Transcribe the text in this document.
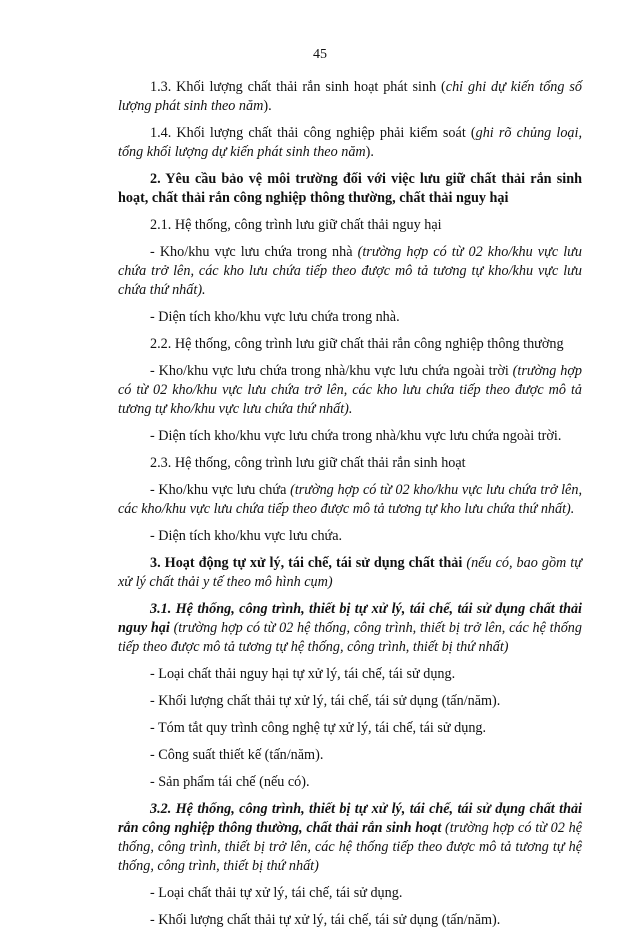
45

1.3. Khối lượng chất thải rắn sinh hoạt phát sinh (chỉ ghi dự kiến tổng số lượng phát sinh theo năm).

1.4. Khối lượng chất thải công nghiệp phải kiểm soát (ghi rõ chủng loại, tổng khối lượng dự kiến phát sinh theo năm).

2. Yêu cầu bảo vệ môi trường đối với việc lưu giữ chất thải rắn sinh hoạt, chất thải rắn công nghiệp thông thường, chất thải nguy hại

2.1. Hệ thống, công trình lưu giữ chất thải nguy hại

- Kho/khu vực lưu chứa trong nhà (trường hợp có từ 02 kho/khu vực lưu chứa trở lên, các kho lưu chứa tiếp theo được mô tả tương tự kho/khu vực lưu chứa thứ nhất).

- Diện tích kho/khu vực lưu chứa trong nhà.

2.2. Hệ thống, công trình lưu giữ chất thải rắn công nghiệp thông thường

- Kho/khu vực lưu chứa trong nhà/khu vực lưu chứa ngoài trời (trường hợp có từ 02 kho/khu vực lưu chứa trở lên, các kho lưu chứa tiếp theo được mô tả tương tự kho/khu vực lưu chứa thứ nhất).

- Diện tích kho/khu vực lưu chứa trong nhà/khu vực lưu chứa ngoài trời.

2.3. Hệ thống, công trình lưu giữ chất thải rắn sinh hoạt

- Kho/khu vực lưu chứa (trường hợp có từ 02 kho/khu vực lưu chứa trở lên, các kho/khu vực lưu chứa tiếp theo được mô tả tương tự kho lưu chứa thứ nhất).

- Diện tích kho/khu vực lưu chứa.

3. Hoạt động tự xử lý, tái chế, tái sử dụng chất thải (nếu có, bao gồm tự xử lý chất thải y tế theo mô hình cụm)

3.1. Hệ thống, công trình, thiết bị tự xử lý, tái chế, tái sử dụng chất thải nguy hại (trường hợp có từ 02 hệ thống, công trình, thiết bị trở lên, các hệ thống tiếp theo được mô tả tương tự hệ thống, công trình, thiết bị thứ nhất)

- Loại chất thải nguy hại tự xử lý, tái chế, tái sử dụng.

- Khối lượng chất thải tự xử lý, tái chế, tái sử dụng (tấn/năm).

- Tóm tắt quy trình công nghệ tự xử lý, tái chế, tái sử dụng.

- Công suất thiết kế (tấn/năm).

- Sản phẩm tái chế (nếu có).

3.2. Hệ thống, công trình, thiết bị tự xử lý, tái chế, tái sử dụng chất thải rắn công nghiệp thông thường, chất thải rắn sinh hoạt (trường hợp có từ 02 hệ thống, công trình, thiết bị trở lên, các hệ thống tiếp theo được mô tả tương tự hệ thống, công trình, thiết bị thứ nhất)

- Loại chất thải tự xử lý, tái chế, tái sử dụng.

- Khối lượng chất thải tự xử lý, tái chế, tái sử dụng (tấn/năm).
